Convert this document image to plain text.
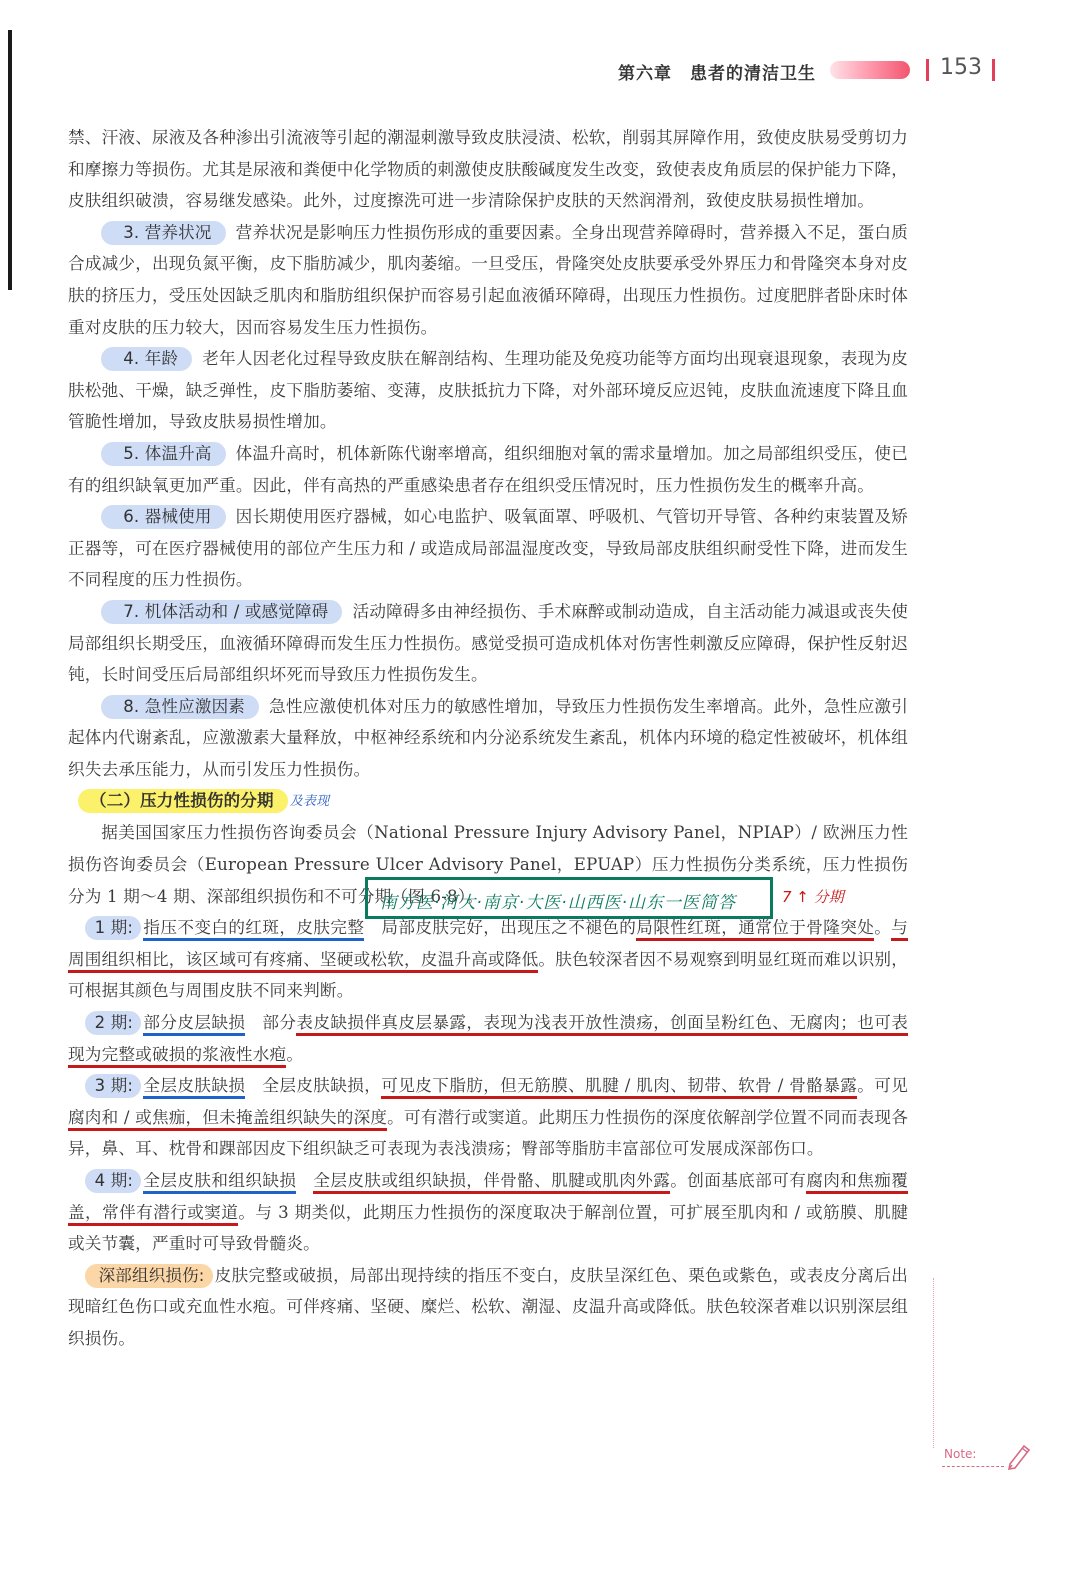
第六章　患者的清洁卫生	153

禁、汗液、尿液及各种渗出引流液等引起的潮湿刺激导致皮肤浸渍、松软，削弱其屏障作用，致使皮肤易受剪切力和摩擦力等损伤。尤其是尿液和粪便中化学物质的刺激使皮肤酸碱度发生改变，致使表皮角质层的保护能力下降，皮肤组织破溃，容易继发感染。此外，过度擦洗可进一步清除保护皮肤的天然润滑剂，致使皮肤易损性增加。

3. 营养状况 营养状况是影响压力性损伤形成的重要因素。全身出现营养障碍时，营养摄入不足，蛋白质合成减少，出现负氮平衡，皮下脂肪减少，肌肉萎缩。一旦受压，骨隆突处皮肤要承受外界压力和骨隆突本身对皮肤的挤压力，受压处因缺乏肌肉和脂肪组织保护而容易引起血液循环障碍，出现压力性损伤。过度肥胖者卧床时体重对皮肤的压力较大，因而容易发生压力性损伤。

4. 年龄 老年人因老化过程导致皮肤在解剖结构、生理功能及免疫功能等方面均出现衰退现象，表现为皮肤松弛、干燥，缺乏弹性，皮下脂肪萎缩、变薄，皮肤抵抗力下降，对外部环境反应迟钝，皮肤血流速度下降且血管脆性增加，导致皮肤易损性增加。

5. 体温升高 体温升高时，机体新陈代谢率增高，组织细胞对氧的需求量增加。加之局部组织受压，使已有的组织缺氧更加严重。因此，伴有高热的严重感染患者存在组织受压情况时，压力性损伤发生的概率升高。

6. 器械使用 因长期使用医疗器械，如心电监护、吸氧面罩、呼吸机、气管切开导管、各种约束装置及矫正器等，可在医疗器械使用的部位产生压力和 / 或造成局部温湿度改变，导致局部皮肤组织耐受性下降，进而发生不同程度的压力性损伤。

7. 机体活动和 / 或感觉障碍 活动障碍多由神经损伤、手术麻醉或制动造成，自主活动能力减退或丧失使局部组织长期受压，血液循环障碍而发生压力性损伤。感觉受损可造成机体对伤害性刺激反应障碍，保护性反射迟钝，长时间受压后局部组织坏死而导致压力性损伤发生。

8. 急性应激因素 急性应激使机体对压力的敏感性增加，导致压力性损伤发生率增高。此外，急性应激引起体内代谢紊乱，应激激素大量释放，中枢神经系统和内分泌系统发生紊乱，机体内环境的稳定性被破坏，机体组织失去承压能力，从而引发压力性损伤。

（二）压力性损伤的分期 及表现

据美国国家压力性损伤咨询委员会（National Pressure Injury Advisory Panel，NPIAP）/ 欧洲压力性损伤咨询委员会（European Pressure Ulcer Advisory Panel，EPUAP）压力性损伤分类系统，压力性损伤分为 1 期～4 期、深部组织损伤和不可分期（图 6-8）。

1 期: 指压不变白的红斑，皮肤完整　 局部皮肤完好，出现压之不褪色的局限性红斑，通常位于骨隆突处。与周围组织相比，该区域可有疼痛、坚硬或松软，皮温升高或降低。肤色较深者因不易观察到明显红斑而难以识别，可根据其颜色与周围皮肤不同来判断。

2 期: 部分皮层缺损　 部分表皮缺损伴真皮层暴露，表现为浅表开放性溃疡，创面呈粉红色、无腐肉；也可表现为完整或破损的浆液性水疱。

3 期: 全层皮肤缺损　 全层皮肤缺损，可见皮下脂肪，但无筋膜、肌腱 / 肌肉、韧带、软骨 / 骨骼暴露。可见腐肉和 / 或焦痂，但未掩盖组织缺失的深度。可有潜行或窦道。此期压力性损伤的深度依解剖学位置不同而表现各异，鼻、耳、枕骨和踝部因皮下组织缺乏可表现为表浅溃疡；臀部等脂肪丰富部位可发展成深部伤口。

4 期: 全层皮肤和组织缺损　 全层皮肤或组织缺损，伴骨骼、肌腱或肌肉外露。创面基底部可有腐肉和焦痂覆盖，常伴有潜行或窦道。与 3 期类似，此期压力性损伤的深度取决于解剖位置，可扩展至肌肉和 / 或筋膜、肌腱或关节囊，严重时可导致骨髓炎。

深部组织损伤: 皮肤完整或破损，局部出现持续的指压不变白，皮肤呈深红色、栗色或紫色，或表皮分离后出现暗红色伤口或充血性水疱。可伴疼痛、坚硬、糜烂、松软、潮湿、皮温升高或降低。肤色较深者难以识别深层组织损伤。

南方医·河大·南京·大医·山西医·山东一医简答	7 ↑ 分期
Note:
